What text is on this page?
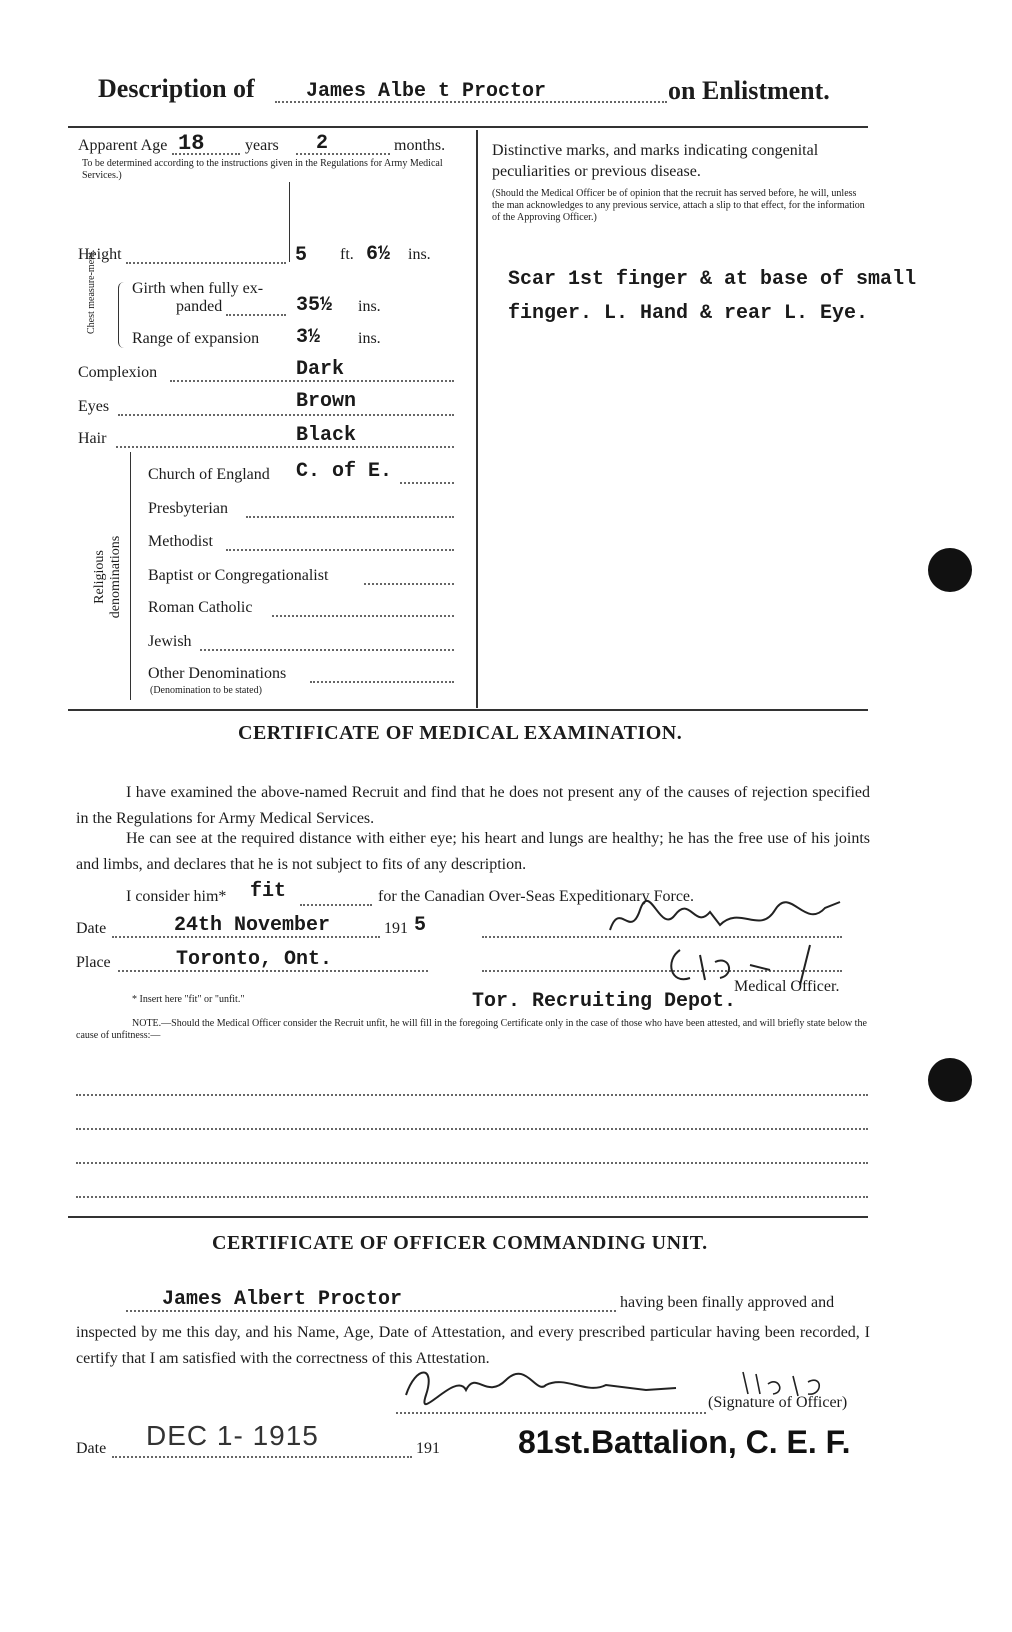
Description of	James Albe t Proctor	on Enlistment.
Apparent Age 18	years 2	months.
To be determined according to the instructions given in the Regulations for Army Medical Services.)
Height	5 ft. 6½ ins.
Chest measure-ment. Girth when fully ex-
panded	35½ ins.
Range of expansion 3½ ins.
Complexion	Dark
Eyes	Brown
Hair	Black
Religious denominations
Church of England C. of E.
Presbyterian
Methodist
Baptist or Congregationalist
Roman Catholic
Jewish
Other Denominations
(Denomination to be stated)
Distinctive marks, and marks indicating congenital peculiarities or previous disease.
(Should the Medical Officer be of opinion that the recruit has served before, he will, unless the man acknowledges to any previous service, attach a slip to that effect, for the information of the Approving Officer.)
Scar 1st finger & at base of small
finger. L. Hand & rear L. Eye.
CERTIFICATE OF MEDICAL EXAMINATION.
I have examined the above-named Recruit and find that he does not present any of the causes of rejection specified in the Regulations for Army Medical Services.
He can see at the required distance with either eye; his heart and lungs are healthy; he has the free use of his joints and limbs, and declares that he is not subject to fits of any description.
I consider him* fit	for the Canadian Over-Seas Expeditionary Force.
Date	24th November	191 5
Place	Toronto, Ont.
Medical Officer.
* Insert here "fit" or "unfit."	Tor. Recruiting Depot.
NOTE.—Should the Medical Officer consider the Recruit unfit, he will fill in the foregoing Certificate only in the case of those who have been attested, and will briefly state below the cause of unfitness:—
CERTIFICATE OF OFFICER COMMANDING UNIT.
James Albert Proctor	having been finally approved and
inspected by me this day, and his Name, Age, Date of Attestation, and every prescribed particular having been recorded, I certify that I am satisfied with the correctness of this Attestation.
(Signature of Officer)
Date DEC 1- 1915	191 81st.Battalion, C. E. F.
